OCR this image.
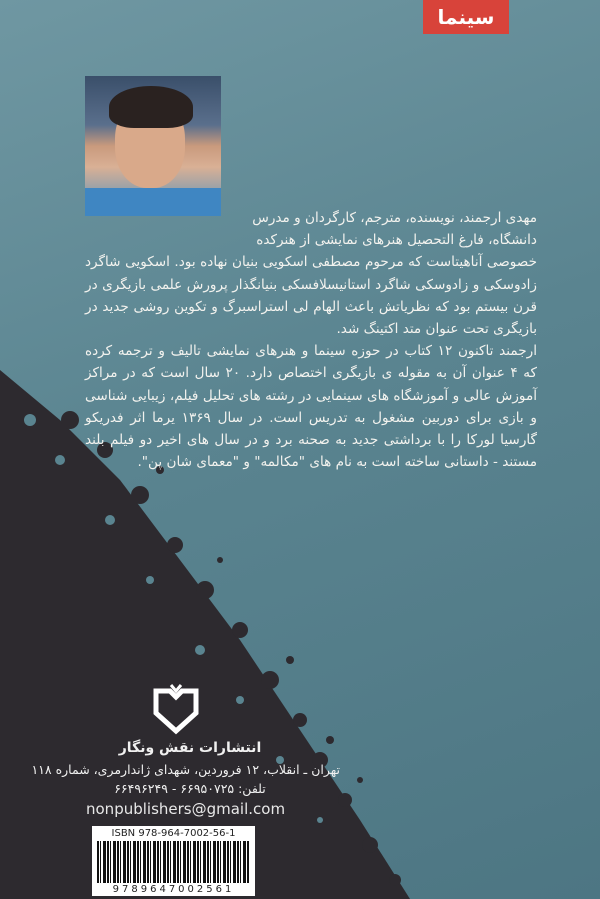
سینما

مهدی ارجمند، نویسنده، مترجم، کارگردان و مدرس

دانشگاه، فارغ التحصیل هنرهای نمایشی از هنرکده

خصوصی آناهیتاست که مرحوم مصطفی اسکویی بنیان نهاده بود. اسکویی شاگرد زادوسکی و زادوسکی شاگرد استانیسلافسکی بنیانگذار پرورش علمی بازیگری در قرن بیستم بود که نظریاتش باعث الهام لی استراسبرگ و تکوین روشی جدید در بازیگری تحت عنوان متد اکتینگ شد.

ارجمند تاکنون ۱۲ کتاب در حوزه سینما و هنرهای نمایشی تالیف و ترجمه کرده که ۴ عنوان آن به مقوله ی بازیگری اختصاص دارد. ۲۰ سال است که در مراکز آموزش عالی و آموزشگاه های سینمایی در رشته های تحلیل فیلم، زیبایی شناسی و بازی برای دوربین مشغول به تدریس است. در سال ۱۳۶۹ یرما اثر فدریکو گارسیا لورکا را با برداشتی جدید به صحنه برد و در سال های اخیر دو فیلم بلند مستند - داستانی ساخته است به نام های "مکالمه" و "معمای شان پن".

انتشارات نقش ونگار
تهران ـ انقلاب، ۱۲ فروردین، شهدای ژاندارمری، شماره ۱۱۸
تلفن: ۶۶۹۵۰۷۲۵ - ۶۶۴۹۶۲۴۹
nonpublishers@gmail.com
ISBN 978-964-7002-56-1
9789647002561
